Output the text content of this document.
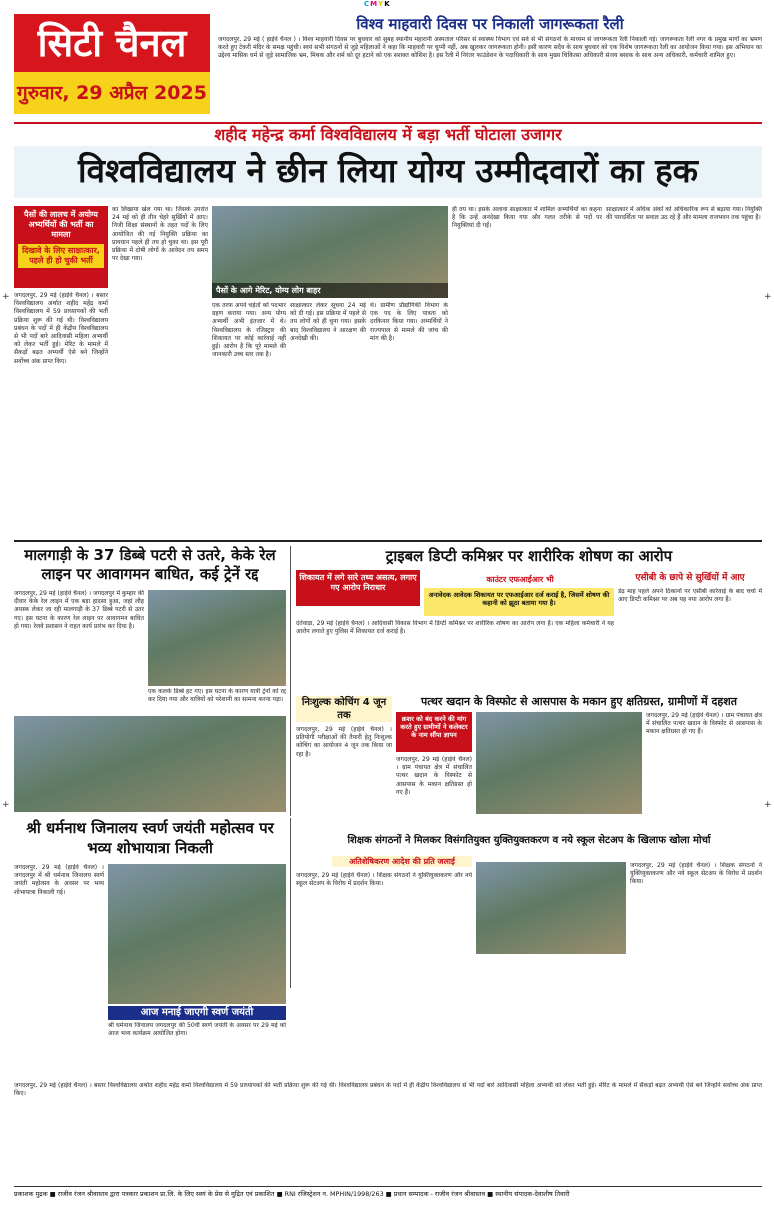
CMYK
+	+
+	+
सिटी चैनल
गुरुवार, 29 अप्रैल 2025
विश्व माहवारी दिवस पर निकाली जागरूकता रैली
जगदलपुर, 29 मई ( हाईवे चैनल ) । विश्व माहवारी दिवस पर बुधवार को सुबह स्थानीय महारानी अस्पताल परिसर से स्वास्थ्य विभाग एवं सर्व से भी संगठनों के माध्यम से जागरूकता रैली निकाली गई। जागरूकता रैली नगर के प्रमुख मार्गों का भ्रमण करते हुए टेकरी मंदिर के समक्ष पहुंची। स्वयं सभी संगठनों से जुड़े महिलाओं ने कहा कि माहवारी पर चुप्पी नहीं, अब खुलकर जागरूकता होनी। इसी कारण सदैव के साथ बुधवार को एक विशेष जागरूकता रैली का आयोजन किया गया। इस अभियान का उद्देश्य मासिक धर्म से जुड़े सामाजिक भ्रम, मिथक और शर्म को दूर हटाने को एक सशक्त कोशिश है। इस रैली में निरंतर फाउंडेशन के पदाधिकारी के साथ मुख्य चिकित्सा अधिकारी संजय बसाक के साथ अन्य अधिकारी, कर्मचारी शामिल हुए।
शहीद महेन्द्र कर्मा विश्वविद्यालय में बड़ा भर्ती घोटाला उजागर
विश्वविद्यालय ने छीन लिया योग्य उम्मीदवारों का हक
पैसों की लालच में अयोग्य अभ्यर्थियों की भर्ती का मामला
दिखावे के लिए साक्षात्कार, पहले ही हो चुकी भर्ती
जगदलपुर, 29 मई (हाईवे चैनल) । बस्तर विश्वविद्यालय अर्थात शहीद महेंद्र कर्मा विश्वविद्यालय में 59 प्राध्यापकों की भर्ती प्रक्रिया शुरू की गई थी। विश्वविद्यालय प्रबंधन के पदों में ही केंद्रीय विश्वविद्यालय से भी पदों बारे आदिवासी महिला अभ्यर्थी को लेकर भर्ती हुई। मेरिट के मामले में सैकड़ों बढ़त अभ्यर्थी ऐसे बने जिन्होंने सर्वोच्च अंक प्राप्त किए।
का लिखाया खेल गया था। जिसके उपरांत 24 मई को ही तीन चेहरे सुर्खियों में आए। निजी शिक्षा संस्थानों के तहत पदों के लिए आयोजित की गई नियुक्ति प्रक्रिया का प्रावधान पहले ही तय हो चुका था। इस पूरी प्रक्रिया में दोषी लोगों के आवेदन तय समय पर देखा गया।
पैसों के आगे मेरिट, योग्य लोग बाहर
एक तरफ अपने चहेतों को पदभार ग्रहण कराया गया। अन्य योग्य अभ्यर्थी अभी इंतजार में थे। विश्वविद्यालय के रजिस्ट्रार की शिकायत पर कोई कार्रवाई नहीं हुई। आरोप है कि पूरे मामले की जानकारी उच्च स्तर तक है।
साक्षात्कार लेकर सूचना 24 मई को दी गई। इस प्रक्रिया में पहले से तय लोगों को ही चुना गया। इसके बाद विश्वविद्यालय ने आरक्षण की अनदेखी की।
थे। ग्रामीण प्रौद्योगिकी विभाग के एक पद के लिए पात्रता को दरकिनार किया गया। अभ्यर्थियों ने राज्यपाल से मामले की जांच की मांग की है।
ही तय था। इसके अलावा साक्षात्कार में शामिल अभ्यर्थियों का कहना है कि उन्हें अनदेखा किया गया और गलत तरीके से पदों पर नियुक्तियां दी गईं।
साक्षात्कार में अधिक अंकों को अधिकारिक रूप से बढ़ाया गया। नियुक्ति की पारदर्शिता पर सवाल उठ रहे हैं और मामला राजभवन तक पहुंचा है।
मालगाड़ी के 37 डिब्बे पटरी से उतरे, केके रेल लाइन पर आवागमन बाधित, कई ट्रेनें रद्द
जगदलपुर, 29 मई (हाईवे चैनल) । जगदलपुर में कुम्हार की दीवार केके रेल लाइन में एक बड़ा हादसा हुआ, जहां लौह अयस्क लेकर जा रही मालगाड़ी के 37 डिब्बे पटरी से उतर गए। इस घटना के कारण रेल लाइन पर आवागमन बाधित हो गया। रेलवे प्रशासन ने राहत कार्य प्रारंभ कर दिया है।
एक कलके डिब्बे हट गए। इस घटना के कारण यात्री ट्रेनों को रद्द कर दिया गया और यात्रियों को परेशानी का सामना करना पड़ा।
ट्राइबल डिप्टी कमिश्नर पर शारीरिक शोषण का आरोप
शिकायत में लगे सारे तथ्य असत्य, लगाए गए आरोप निराधार
काउंटर एफआईआर भी
अनावेदक आवेदक शिकायत पर एफआईआर दर्ज कराई है, जिसमें शोषण की कहानी को झूठा बताया गया है।
दंतेवाड़ा, 29 मई (हाईवे चैनल) । आदिवासी विकास विभाग में डिप्टी कमिश्नर पर शारीरिक शोषण का आरोप लगा है। एक महिला कर्मचारी ने यह आरोप लगाते हुए पुलिस में शिकायत दर्ज कराई है।
एसीबी के छापे से सुर्खियों में आए
डेढ़ माह पहले अपने ठिकानों पर एसीबी कार्रवाई के बाद चर्चा में आए डिप्टी कमिश्नर पर अब यह नया आरोप लगा है।
निःशुल्क कोचिंग 4 जून तक
जगदलपुर, 29 मई (हाईवे चैनल) । प्रतियोगी परीक्षाओं की तैयारी हेतु निःशुल्क कोचिंग का आयोजन 4 जून तक किया जा रहा है।
पत्थर खदान के विस्फोट से आसपास के मकान हुए क्षतिग्रस्त, ग्रामीणों में दहशत
क्रशर को बंद करने की मांग करते हुए ग्रामीणों ने कलेक्टर के नाम सौंपा ज्ञापन
जगदलपुर, 29 मई (हाईवे चैनल) । ग्राम पंचायत क्षेत्र में संचालित पत्थर खदान के विस्फोट से आसपास के मकान क्षतिग्रस्त हो गए हैं।
जगदलपुर, 29 मई (हाईवे चैनल) । ग्राम पंचायत क्षेत्र में संचालित पत्थर खदान के विस्फोट से आसपास के मकान क्षतिग्रस्त हो गए हैं।
श्री धर्मनाथ जिनालय स्वर्ण जयंती महोत्सव पर भव्य शोभायात्रा निकली
जगदलपुर, 29 मई (हाईवे चैनल) । जगदलपुर में श्री धर्मनाथ जिनालय स्वर्ण जयंती महोत्सव के अवसर पर भव्य शोभायात्रा निकाली गई।
शिक्षक संगठनों ने मिलकर विसंगतियुक्त युक्तियुक्तकरण व नये स्कूल सेटअप के खिलाफ खोला मोर्चा
अतिशेषिकरण आदेश की प्रति जलाई
जगदलपुर, 29 मई (हाईवे चैनल) । शिक्षक संगठनों ने युक्तियुक्तकरण और नये स्कूल सेटअप के विरोध में प्रदर्शन किया।
जगदलपुर, 29 मई (हाईवे चैनल) । शिक्षक संगठनों ने युक्तियुक्तकरण और नये स्कूल सेटअप के विरोध में प्रदर्शन किया।
आज मनाई जाएगी स्वर्ण जयंती
श्री धर्मनाथ जिनालय जगदलपुर की 50वीं स्वर्ण जयंती के अवसर पर 29 मई को आज भव्य कार्यक्रम आयोजित होगा।
जगदलपुर, 29 मई (हाईवे चैनल) । बस्तर विश्वविद्यालय अर्थात शहीद महेंद्र कर्मा विश्वविद्यालय में 59 प्राध्यापकों की भर्ती प्रक्रिया शुरू की गई थी। विश्वविद्यालय प्रबंधन के पदों में ही केंद्रीय विश्वविद्यालय से भी पदों बारे आदिवासी महिला अभ्यर्थी को लेकर भर्ती हुई। मेरिट के मामले में सैकड़ों बढ़त अभ्यर्थी ऐसे बने जिन्होंने सर्वोच्च अंक प्राप्त किए।
प्रकाशक मुद्रक ■ राजीव रंजन श्रीवास्तव द्वारा पत्रकार प्रकाशन प्रा.लि. के लिए स्वयं के प्रेस से मुद्रित एवं प्रकाशित ■ RNI रजिस्ट्रेशन न. MPHIN/1998/263 ■ प्रधान सम्पादक - राजीव रंजन श्रीवास्तव ■ स्थानीय संपादक-देवाशीष तिवारी
